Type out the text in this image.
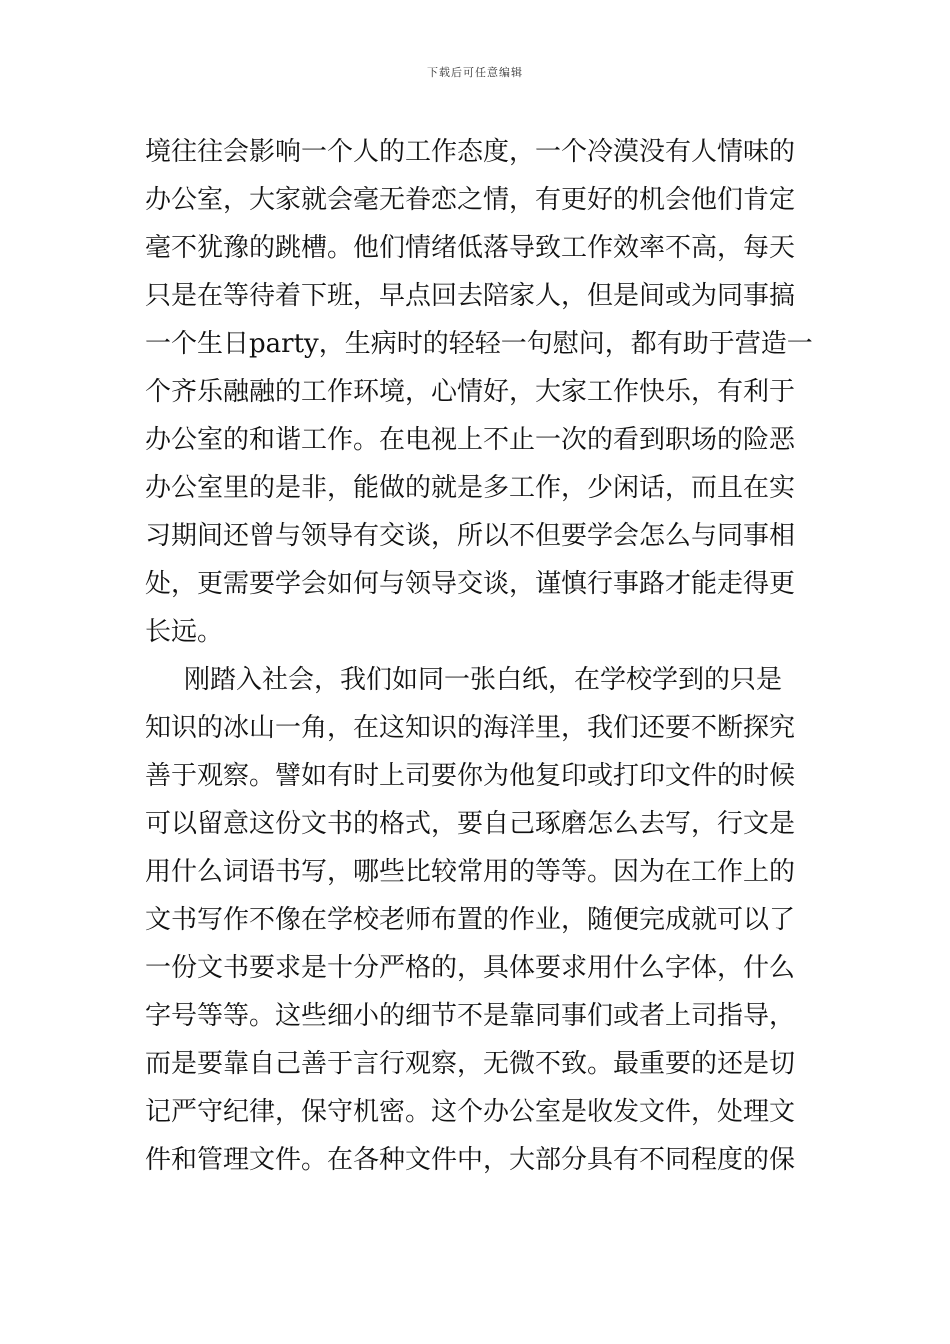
下载后可任意编辑
境往往会影响一个人的工作态度，一个冷漠没有人情味的
办公室，大家就会毫无眷恋之情，有更好的机会他们肯定
毫不犹豫的跳槽。他们情绪低落导致工作效率不高，每天
只是在等待着下班，早点回去陪家人，但是间或为同事搞
一个生日party，生病时的轻轻一句慰问，都有助于营造一
个齐乐融融的工作环境，心情好，大家工作快乐，有利于
办公室的和谐工作。在电视上不止一次的看到职场的险恶
办公室里的是非，能做的就是多工作，少闲话，而且在实
习期间还曾与领导有交谈，所以不但要学会怎么与同事相
处，更需要学会如何与领导交谈，谨慎行事路才能走得更
长远。
刚踏入社会，我们如同一张白纸，在学校学到的只是
知识的冰山一角，在这知识的海洋里，我们还要不断探究
善于观察。譬如有时上司要你为他复印或打印文件的时候
可以留意这份文书的格式，要自己琢磨怎么去写，行文是
用什么词语书写，哪些比较常用的等等。因为在工作上的
文书写作不像在学校老师布置的作业，随便完成就可以了
一份文书要求是十分严格的，具体要求用什么字体，什么
字号等等。这些细小的细节不是靠同事们或者上司指导，
而是要靠自己善于言行观察，无微不致。最重要的还是切
记严守纪律，保守机密。这个办公室是收发文件，处理文
件和管理文件。在各种文件中，大部分具有不同程度的保
